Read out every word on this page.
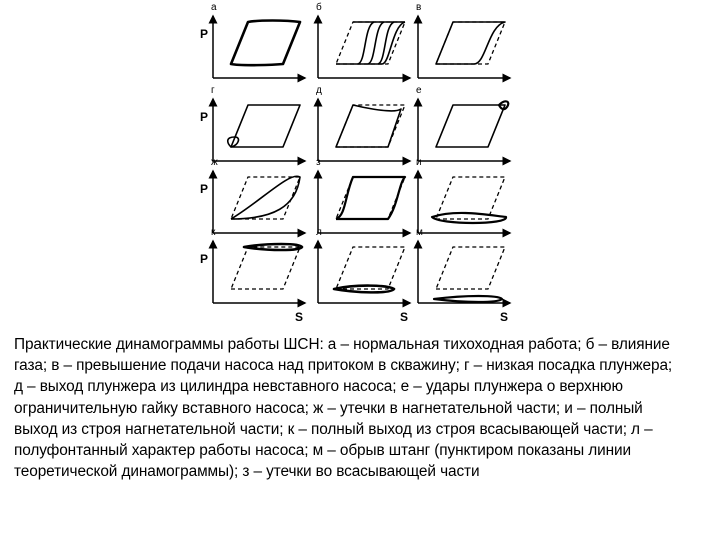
а
P
б	в
г
P
д	е
ж
P
з	и
к
P
S
л
S
м
S
Практические динамограммы работы ШСН: а – нормальная тихоходная работа; б – влияние
газа; в – превышение подачи насоса над притоком в скважину; г – низкая посадка плунжера;
д – выход плунжера из цилиндра невставного насоса; е – удары плунжера о верхнюю
ограничительную гайку вставного насоса; ж – утечки в нагнетательной части; и – полный
выход из строя нагнетательной части; к – полный выход из строя всасывающей части; л –
полуфонтанный характер работы насоса; м – обрыв штанг (пунктиром показаны линии
теоретической динамограммы); з – утечки во всасывающей части
